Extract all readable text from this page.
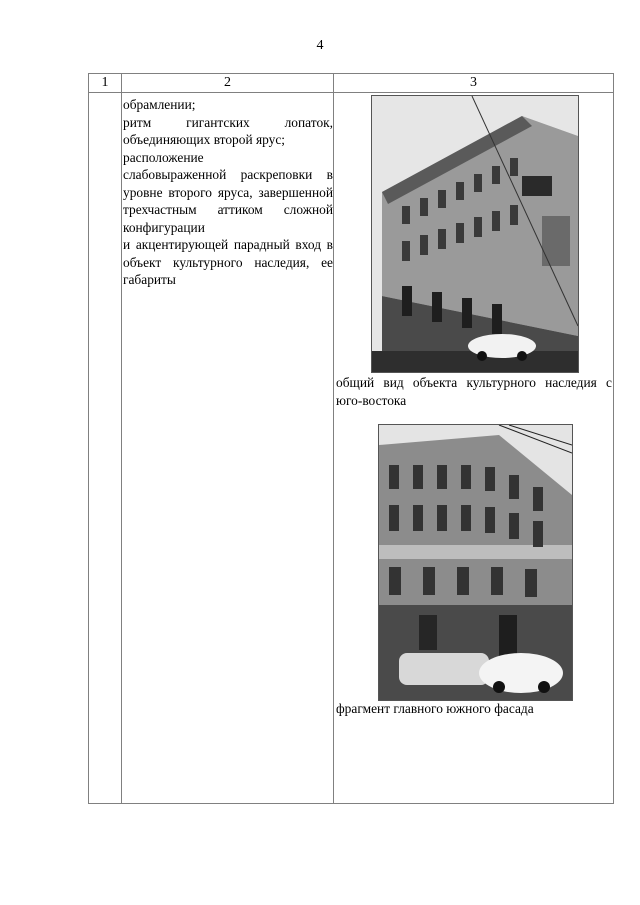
4
1	2	3

обрамлении;

ритм гигантских лопаток, объединяющих второй ярус;

расположение

слабовыраженной раскреповки в уровне второго яруса, завершенной трехчастным аттиком сложной конфигурации

и акцентирующей парадный вход в объект культурного наследия, ее габариты

общий вид объекта культурного наследия с юго-востока
фрагмент главного южного фасада
